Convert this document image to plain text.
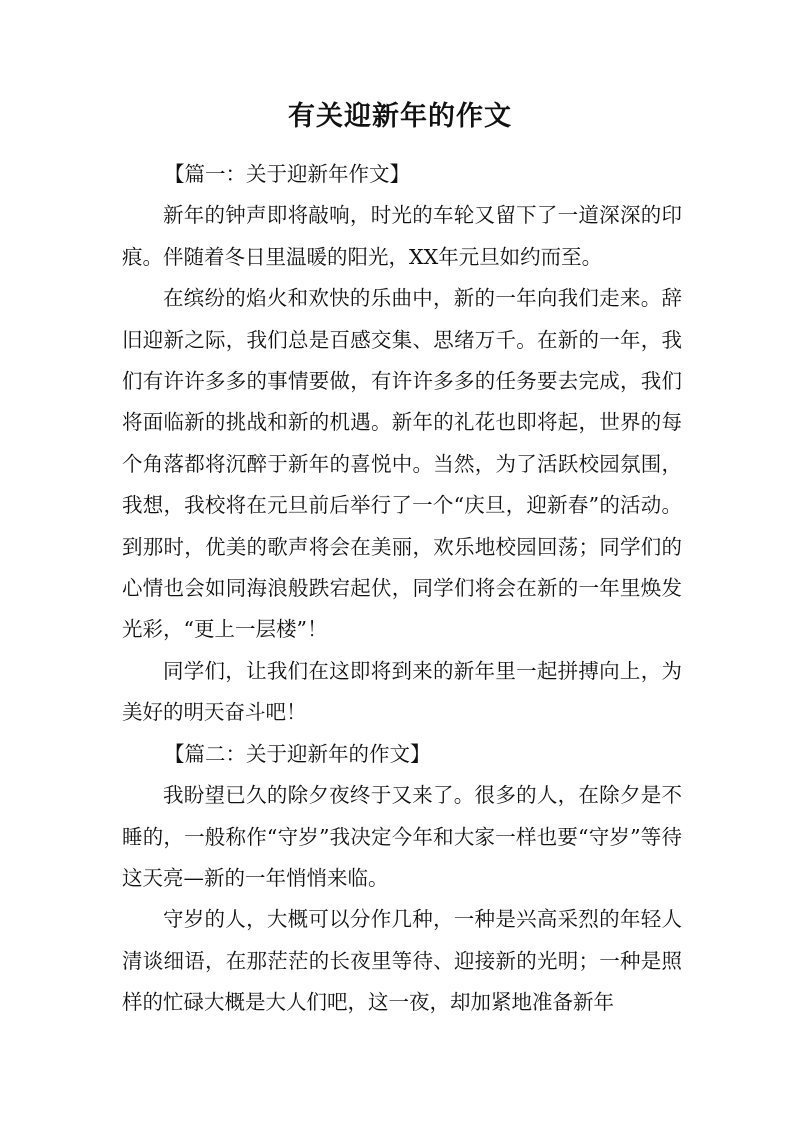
有关迎新年的作文

【篇一：关于迎新年作文】

新年的钟声即将敲响，时光的车轮又留下了一道深深的印痕。伴随着冬日里温暖的阳光，XX年元旦如约而至。

在缤纷的焰火和欢快的乐曲中，新的一年向我们走来。辞旧迎新之际，我们总是百感交集、思绪万千。在新的一年，我们有许许多多的事情要做，有许许多多的任务要去完成，我们将面临新的挑战和新的机遇。新年的礼花也即将起，世界的每个角落都将沉醉于新年的喜悦中。当然，为了活跃校园氛围，我想，我校将在元旦前后举行了一个“庆旦，迎新春”的活动。到那时，优美的歌声将会在美丽，欢乐地校园回荡；同学们的心情也会如同海浪般跌宕起伏，同学们将会在新的一年里焕发光彩，“更上一层楼”！

同学们，让我们在这即将到来的新年里一起拼搏向上，为美好的明天奋斗吧！

【篇二：关于迎新年的作文】

我盼望已久的除夕夜终于又来了。很多的人，在除夕是不睡的，一般称作“守岁”我决定今年和大家一样也要“守岁”等待这天亮—新的一年悄悄来临。

守岁的人，大概可以分作几种，一种是兴高采烈的年轻人清谈细语，在那茫茫的长夜里等待、迎接新的光明；一种是照样的忙碌大概是大人们吧，这一夜，却加紧地准备新年
